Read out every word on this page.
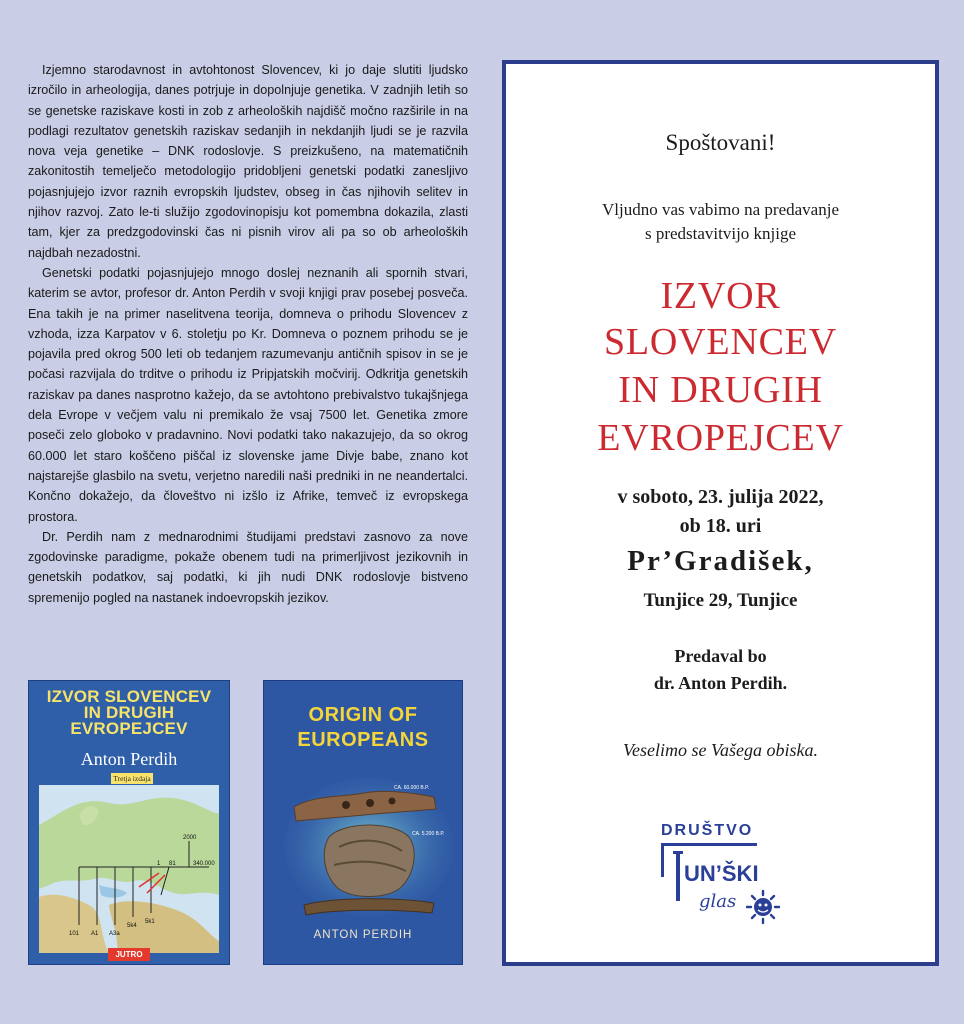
Izjemno starodavnost in avtohtonost Slovencev, ki jo daje slutiti ljudsko izročilo in arheologija, danes potrjuje in dopolnjuje genetika. V zadnjih letih so se genetske raziskave kosti in zob z arheoloških najdišč močno razširile in na podlagi rezultatov genetskih raziskav sedanjih in nekdanjih ljudi se je razvila nova veja genetike – DNK rodoslovje. S preizkušeno, na matematičnih zakonitostih temelječo metodologijo pridobljeni genetski podatki zanesljivo pojasnjujejo izvor raznih evropskih ljudstev, obseg in čas njihovih selitev in njihov razvoj. Zato le-ti služijo zgodovinopisju kot pomembna dokazila, zlasti tam, kjer za predzgodovinski čas ni pisnih virov ali pa so ob arheoloških najdbah nezadostni.

Genetski podatki pojasnjujejo mnogo doslej neznanih ali spornih stvari, katerim se avtor, profesor dr. Anton Perdih v svoji knjigi prav posebej posveča. Ena takih je na primer naselitvena teorija, domneva o prihodu Slovencev z vzhoda, izza Karpatov v 6. stoletju po Kr. Domneva o poznem prihodu se je pojavila pred okrog 500 leti ob tedanjem razumevanju antičnih spisov in se je počasi razvijala do trditve o prihodu iz Pripjatskih močvirij. Odkritja genetskih raziskav pa danes nasprotno kažejo, da se avtohtono prebivalstvo tukajšnjega dela Evrope v večjem valu ni premikalo že vsaj 7500 let. Genetika zmore poseči zelo globoko v pradavnino. Novi podatki tako nakazujejo, da so okrog 60.000 let staro koščeno piščal iz slovenske jame Divje babe, znano kot najstarejše glasbilo na svetu, verjetno naredili naši predniki in ne neandertalci. Končno dokažejo, da človeštvo ni izšlo iz Afrike, temveč iz evropskega prostora.

Dr. Perdih nam z mednarodnimi študijami predstavi zasnovo za nove zgodovinske paradigme, pokaže obenem tudi na primerljivost jezikovnih in genetskih podatkov, saj podatki, ki jih nudi DNK rodoslovje bistveno spremenijo pogled na nastanek indoevropskih jezikov.

IZVOR SLOVENCEV
IN DRUGIH
EVROPEJCEV
Anton Perdih
Tretja izdaja
2000
340.000
101 A1 A3a
5k4
5k1
1 81
JUTRO
ORIGIN OF
EUROPEANS
CA. 60.000 B.P.
CA. 5.200 B.P.
ANTON PERDIH
Spoštovani!
Vljudno vas vabimo na predavanje
s predstavitvijo knjige
IZVOR
SLOVENCEV
IN DRUGIH
EVROPEJCEV
v soboto, 23. julija 2022,
ob 18. uri
Pr’Gradišek,
Tunjice 29, Tunjice
Predaval bo
dr. Anton Perdih.
Veselimo se Vašega obiska.
DRUŠTVO
UN’ŠKI
glas
